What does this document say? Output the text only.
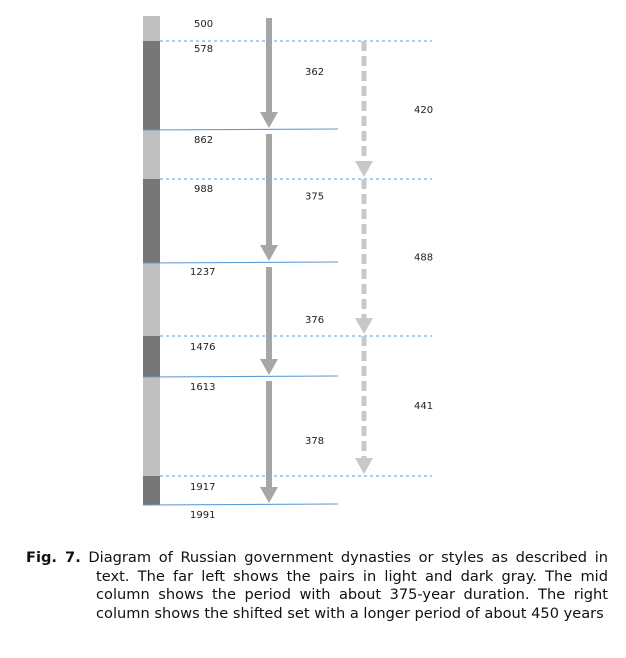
362
375
376
378
420
488
441
500
578
862
988
1237
1476
1613
1917
1991
Fig. 7. Diagram of Russian government dynasties or styles as described in text. The far left shows the pairs in light and dark gray. The mid column shows the period with about 375-year duration. The right column shows the shifted set with a longer period of about 450 years
